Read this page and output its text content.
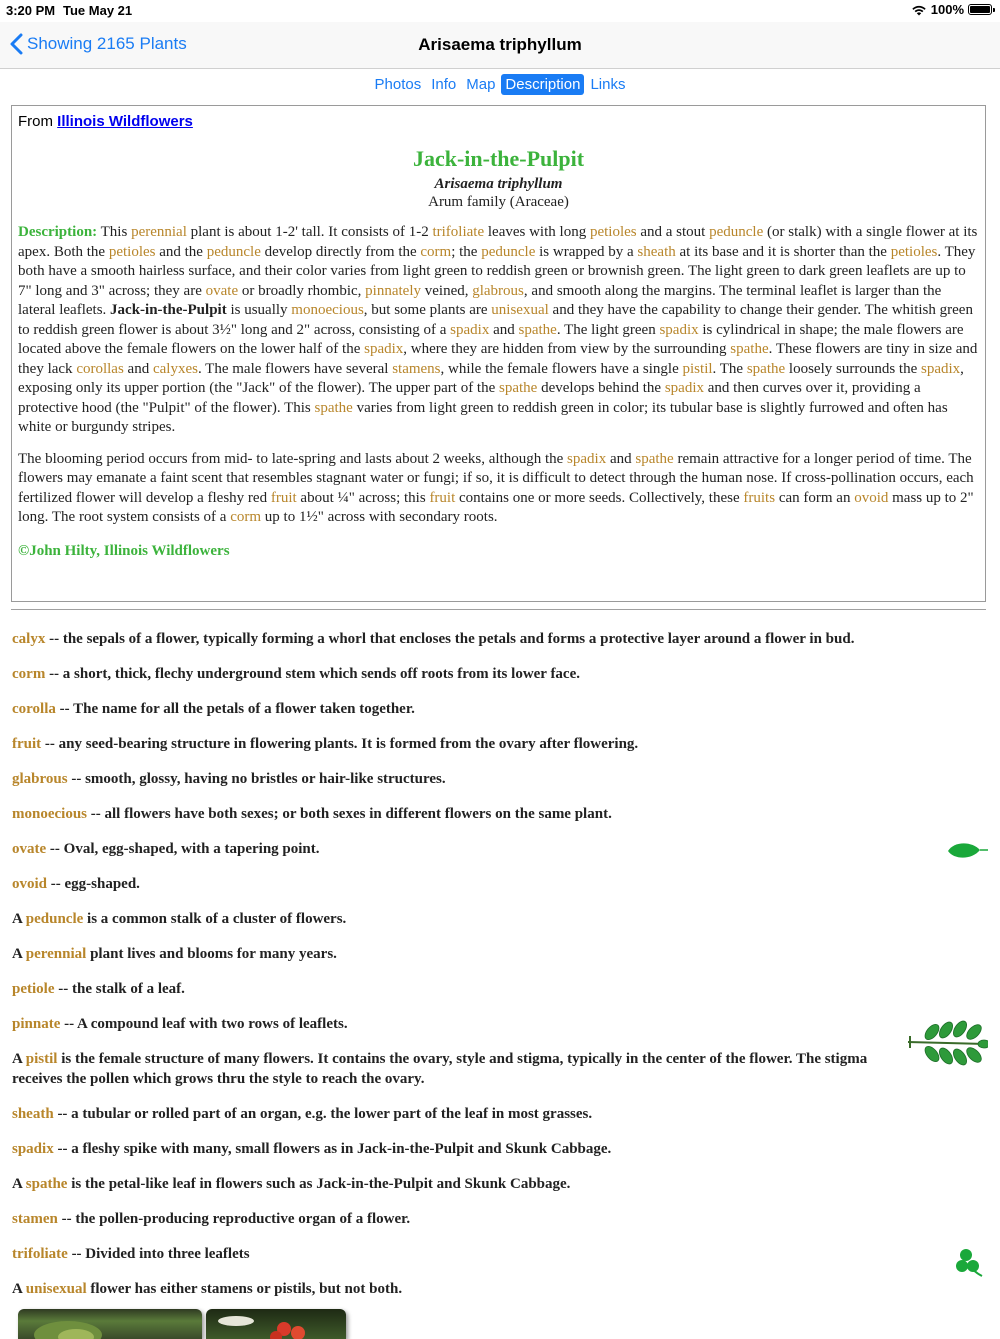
3:20 PM Tue May 21	100%
Showing 2165 Plants	Arisaema triphyllum
Photos Info Map Description Links
From Illinois Wildflowers
Jack-in-the-Pulpit
Arisaema triphyllum
Arum family (Araceae)
Description: This perennial plant is about 1-2' tall. It consists of 1-2 trifoliate leaves with long petioles and a stout peduncle (or stalk) with a single flower at its apex. Both the petioles and the peduncle develop directly from the corm; the peduncle is wrapped by a sheath at its base and it is shorter than the petioles. They both have a smooth hairless surface, and their color varies from light green to reddish green or brownish green. The light green to dark green leaflets are up to 7" long and 3" across; they are ovate or broadly rhombic, pinnately veined, glabrous, and smooth along the margins. The terminal leaflet is larger than the lateral leaflets. Jack-in-the-Pulpit is usually monoecious, but some plants are unisexual and they have the capability to change their gender. The whitish green to reddish green flower is about 3½" long and 2" across, consisting of a spadix and spathe. The light green spadix is cylindrical in shape; the male flowers are located above the female flowers on the lower half of the spadix, where they are hidden from view by the surrounding spathe. These flowers are tiny in size and they lack corollas and calyxes. The male flowers have several stamens, while the female flowers have a single pistil. The spathe loosely surrounds the spadix, exposing only its upper portion (the "Jack" of the flower). The upper part of the spathe develops behind the spadix and then curves over it, providing a protective hood (the "Pulpit" of the flower). This spathe varies from light green to reddish green in color; its tubular base is slightly furrowed and often has white or burgundy stripes.
The blooming period occurs from mid- to late-spring and lasts about 2 weeks, although the spadix and spathe remain attractive for a longer period of time. The flowers may emanate a faint scent that resembles stagnant water or fungi; if so, it is difficult to detect through the human nose. If cross-pollination occurs, each fertilized flower will develop a fleshy red fruit about ¼" across; this fruit contains one or more seeds. Collectively, these fruits can form an ovoid mass up to 2" long. The root system consists of a corm up to 1½" across with secondary roots.
©John Hilty, Illinois Wildflowers
calyx -- the sepals of a flower, typically forming a whorl that encloses the petals and forms a protective layer around a flower in bud.
corm -- a short, thick, flechy underground stem which sends off roots from its lower face.
corolla -- The name for all the petals of a flower taken together.
fruit -- any seed-bearing structure in flowering plants. It is formed from the ovary after flowering.
glabrous -- smooth, glossy, having no bristles or hair-like structures.
monoecious -- all flowers have both sexes; or both sexes in different flowers on the same plant.
ovate -- Oval, egg-shaped, with a tapering point.
ovoid -- egg-shaped.
A peduncle is a common stalk of a cluster of flowers.
A perennial plant lives and blooms for many years.
petiole -- the stalk of a leaf.
pinnate -- A compound leaf with two rows of leaflets.
A pistil is the female structure of many flowers. It contains the ovary, style and stigma, typically in the center of the flower. The stigma receives the pollen which grows thru the style to reach the ovary.
sheath -- a tubular or rolled part of an organ, e.g. the lower part of the leaf in most grasses.
spadix -- a fleshy spike with many, small flowers as in Jack-in-the-Pulpit and Skunk Cabbage.
A spathe is the petal-like leaf in flowers such as Jack-in-the-Pulpit and Skunk Cabbage.
stamen -- the pollen-producing reproductive organ of a flower.
trifoliate -- Divided into three leaflets
A unisexual flower has either stamens or pistils, but not both.
